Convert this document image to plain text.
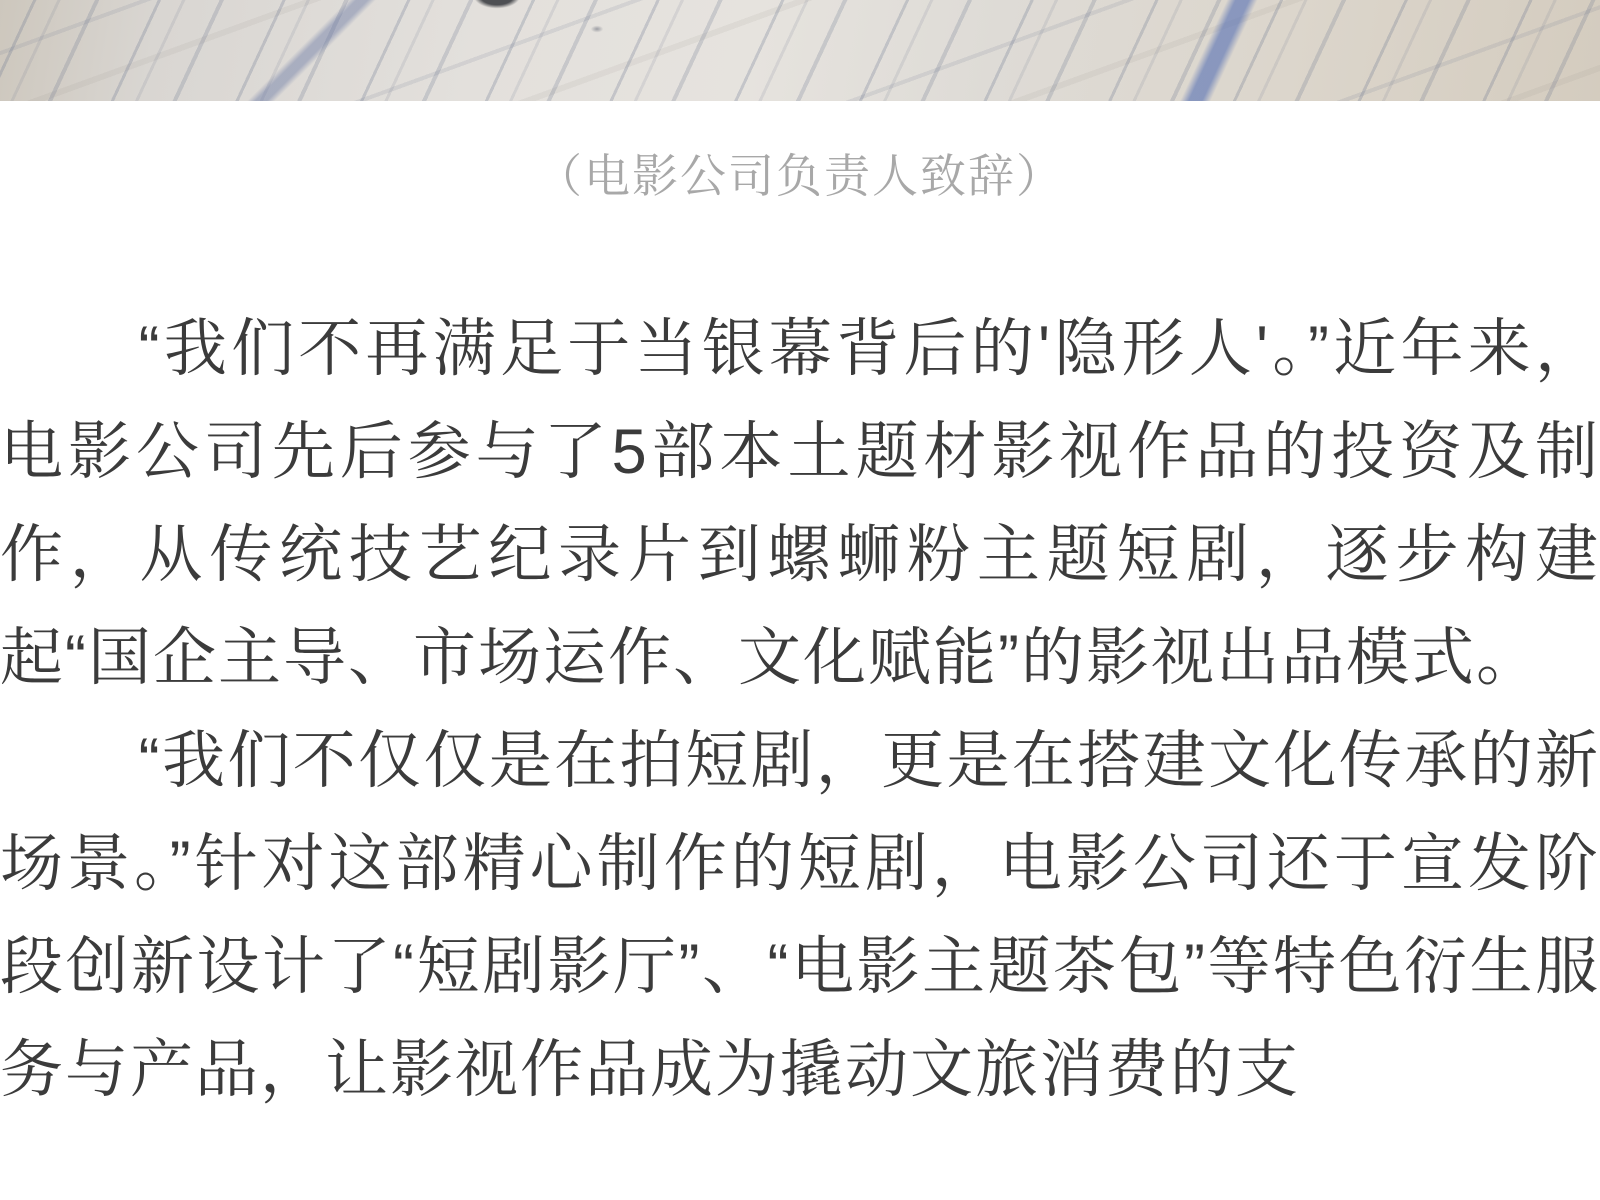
（电影公司负责人致辞）

“我们不再满足于当银幕背后的'隐形人'。”近年来，电影公司先后参与了5部本土题材影视作品的投资及制作，从传统技艺纪录片到螺蛳粉主题短剧，逐步构建起“国企主导、市场运作、文化赋能”的影视出品模式。

“我们不仅仅是在拍短剧，更是在搭建文化传承的新场景。”针对这部精心制作的短剧，电影公司还于宣发阶段创新设计了“短剧影厅”、“电影主题茶包”等特色衍生服务与产品，让影视作品成为撬动文旅消费的支
